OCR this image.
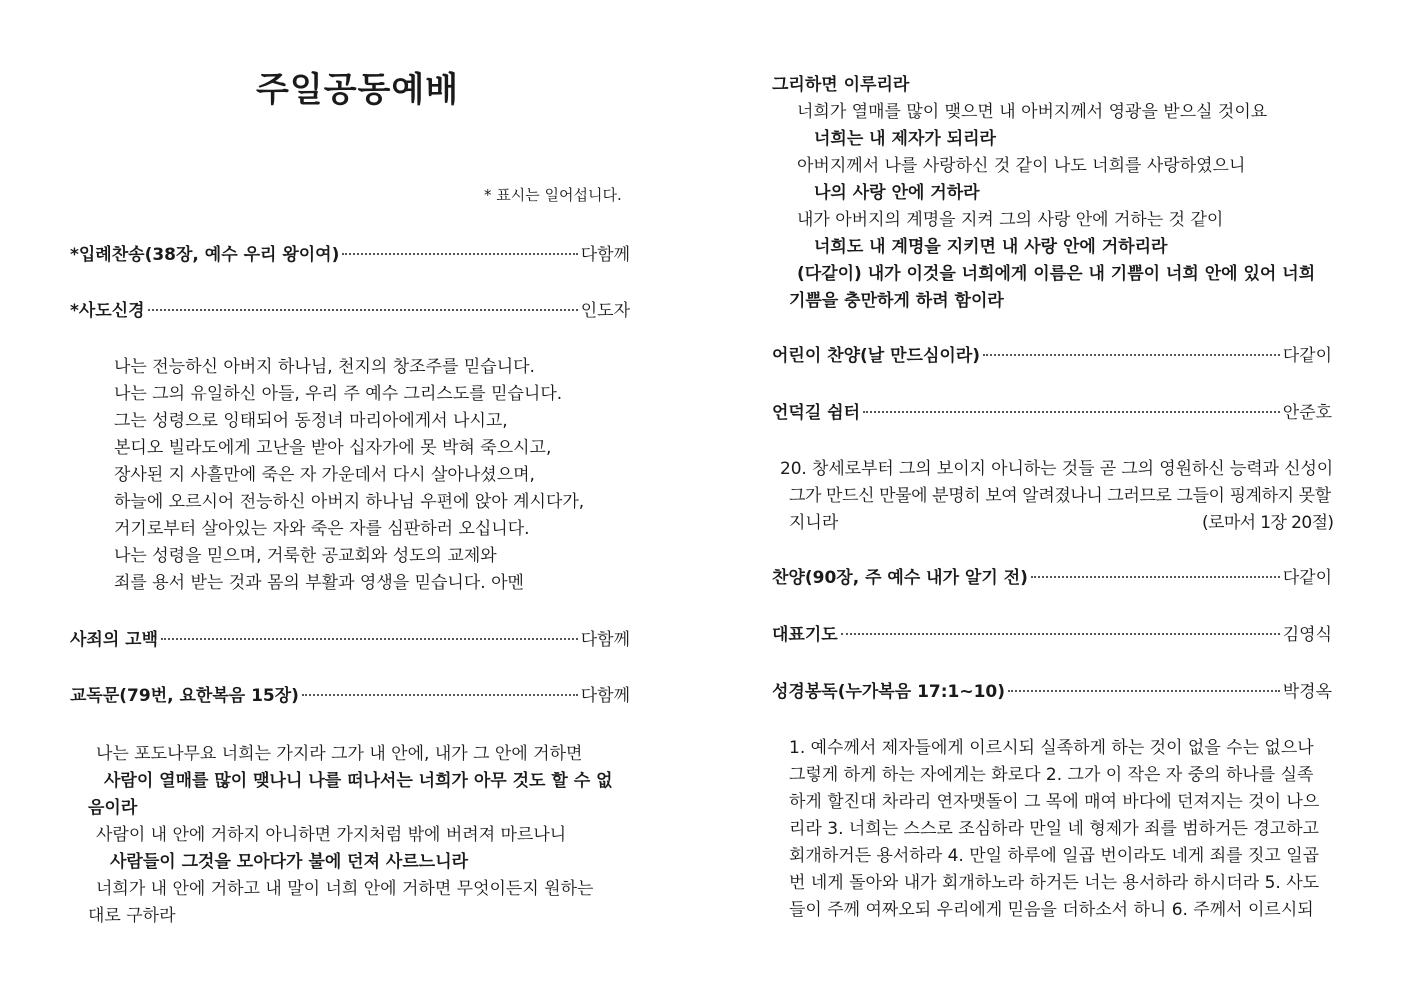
주일공동예배
* 표시는 일어섭니다.
*입례찬송(38장, 예수 우리 왕이여)	다함께
*사도신경	인도자
나는 전능하신 아버지 하나님, 천지의 창조주를 믿습니다.
나는 그의 유일하신 아들, 우리 주 예수 그리스도를 믿습니다.
그는 성령으로 잉태되어 동정녀 마리아에게서 나시고,
본디오 빌라도에게 고난을 받아 십자가에 못 박혀 죽으시고,
장사된 지 사흘만에 죽은 자 가운데서 다시 살아나셨으며,
하늘에 오르시어 전능하신 아버지 하나님 우편에 앉아 계시다가,
거기로부터 살아있는 자와 죽은 자를 심판하러 오십니다.
나는 성령을 믿으며, 거룩한 공교회와 성도의 교제와
죄를 용서 받는 것과 몸의 부활과 영생을 믿습니다. 아멘
사죄의 고백	다함께
교독문(79번, 요한복음 15장)	다함께
나는 포도나무요 너희는 가지라 그가 내 안에, 내가 그 안에 거하면
사람이 열매를 많이 맺나니 나를 떠나서는 너희가 아무 것도 할 수 없
음이라
사람이 내 안에 거하지 아니하면 가지처럼 밖에 버려져 마르나니
사람들이 그것을 모아다가 불에 던져 사르느니라
너희가 내 안에 거하고 내 말이 너희 안에 거하면 무엇이든지 원하는
대로 구하라
그리하면 이루리라
너희가 열매를 많이 맺으면 내 아버지께서 영광을 받으실 것이요
너희는 내 제자가 되리라
아버지께서 나를 사랑하신 것 같이 나도 너희를 사랑하였으니
나의 사랑 안에 거하라
내가 아버지의 계명을 지켜 그의 사랑 안에 거하는 것 같이
너희도 내 계명을 지키면 내 사랑 안에 거하리라
(다같이) 내가 이것을 너희에게 이름은 내 기쁨이 너희 안에 있어 너희
기쁨을 충만하게 하려 함이라
어린이 찬양(날 만드심이라)	다같이
언덕길 쉼터	안준호
20. 창세로부터 그의 보이지 아니하는 것들 곧 그의 영원하신 능력과 신성이
그가 만드신 만물에 분명히 보여 알려졌나니 그러므로 그들이 핑계하지 못할
지니라	(로마서 1장 20절)
찬양(90장, 주 예수 내가 알기 전)	다같이
대표기도	김영식
성경봉독(누가복음 17:1~10)	박경옥
1. 예수께서 제자들에게 이르시되 실족하게 하는 것이 없을 수는 없으나
그렇게 하게 하는 자에게는 화로다 2. 그가 이 작은 자 중의 하나를 실족
하게 할진대 차라리 연자맷돌이 그 목에 매여 바다에 던져지는 것이 나으
리라 3. 너희는 스스로 조심하라 만일 네 형제가 죄를 범하거든 경고하고
회개하거든 용서하라 4. 만일 하루에 일곱 번이라도 네게 죄를 짓고 일곱
번 네게 돌아와 내가 회개하노라 하거든 너는 용서하라 하시더라 5. 사도
들이 주께 여짜오되 우리에게 믿음을 더하소서 하니 6. 주께서 이르시되
